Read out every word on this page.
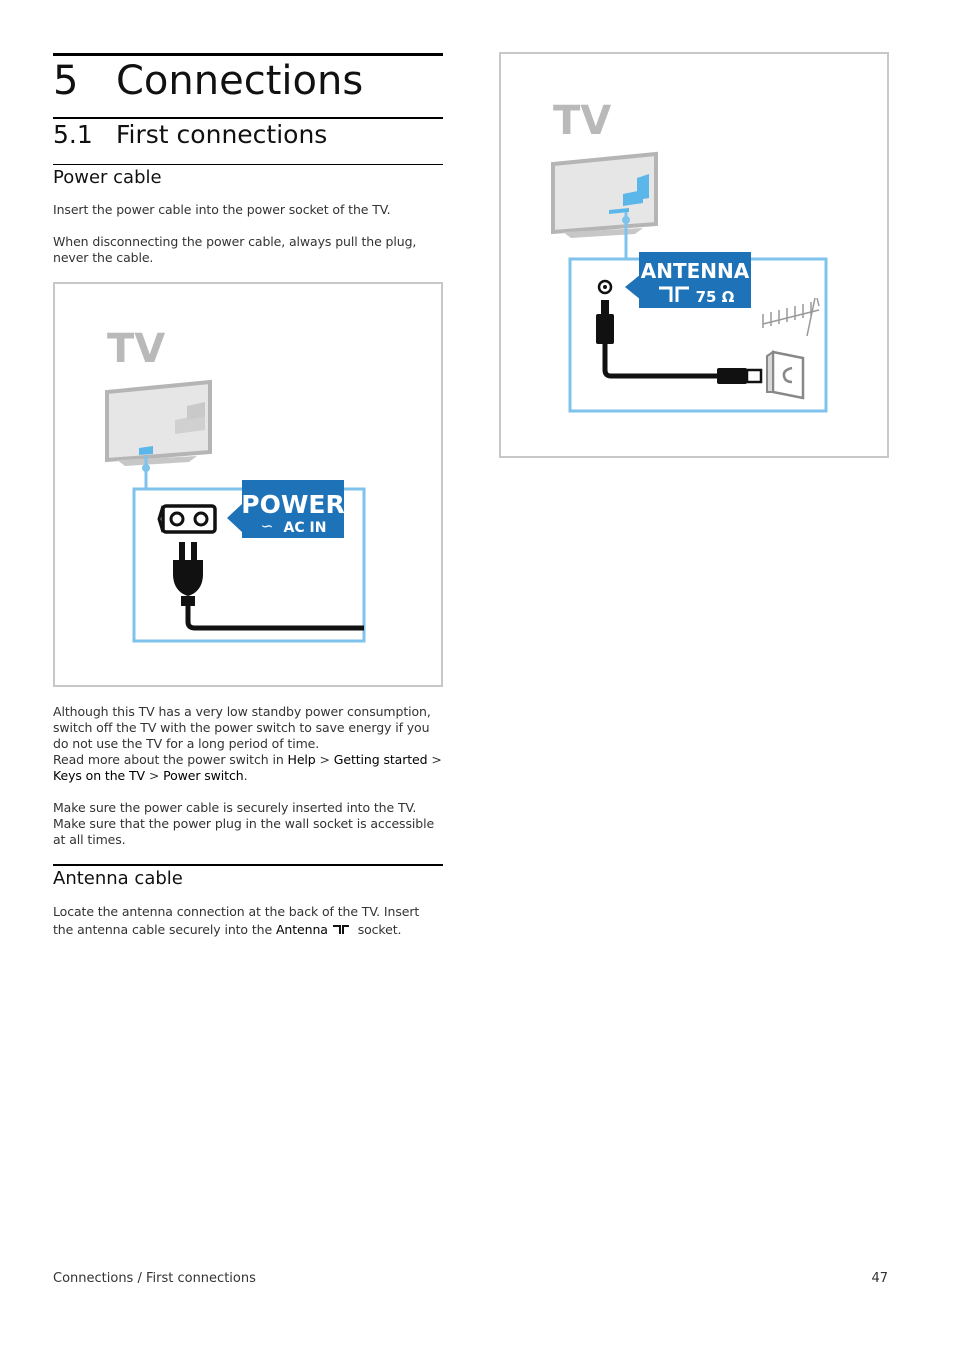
5 Connections
5.1 First connections
Power cable
Insert the power cable into the power socket of the TV.
When disconnecting the power cable, always pull the plug, never the cable.
TV
POWER
∽ AC IN
Although this TV has a very low standby power consumption, switch off the TV with the power switch to save energy if you do not use the TV for a long period of time.
Read more about the power switch in Help > Getting started > Keys on the TV > Power switch.
Make sure the power cable is securely inserted into the TV.
Make sure that the power plug in the wall socket is accessible at all times.
Antenna cable
Locate the antenna connection at the back of the TV. Insert the antenna cable securely into the Antenna socket.
TV
ANTENNA
75 Ω
Connections / First connections	47
